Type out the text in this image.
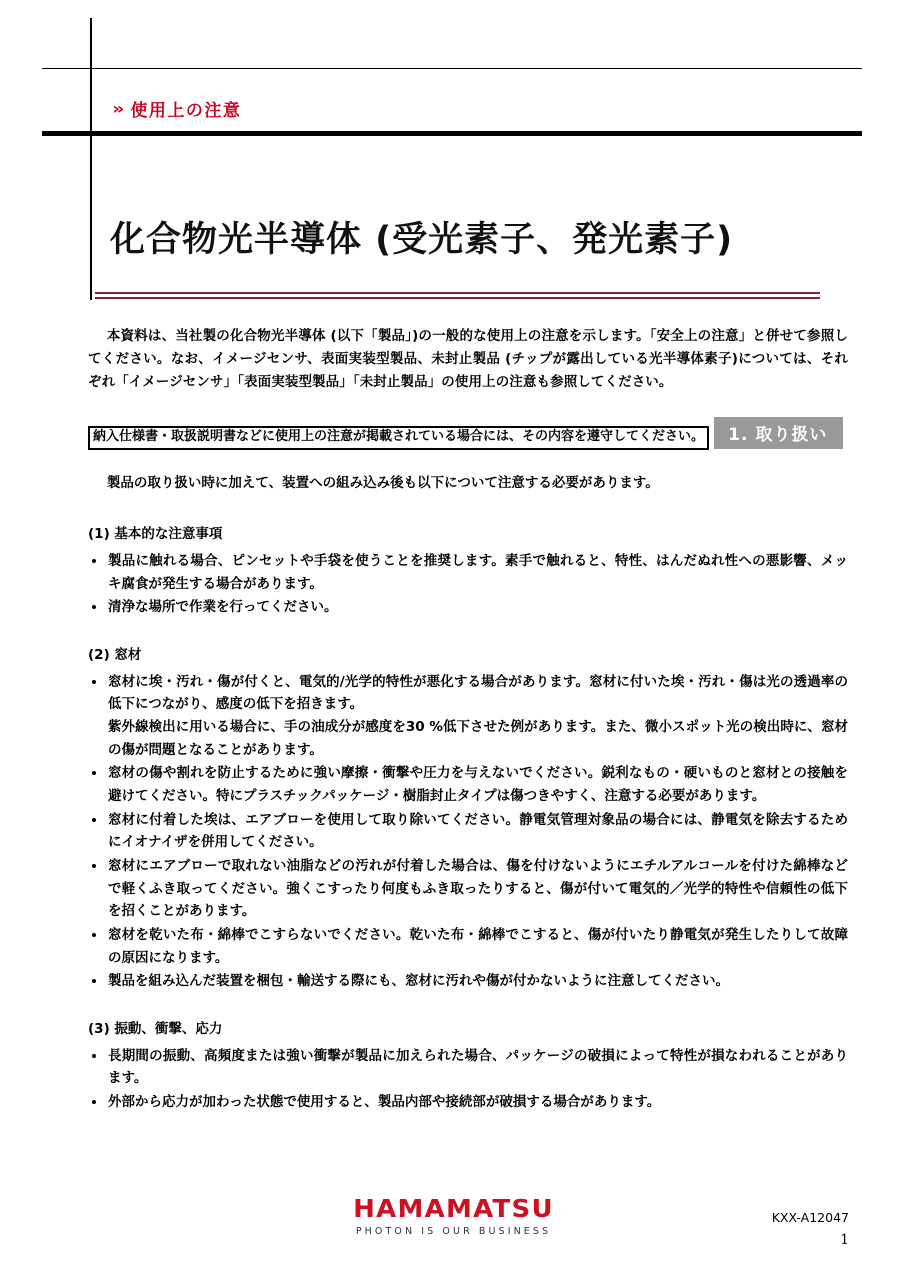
» 使用上の注意
化合物光半導体 (受光素子、発光素子)

本資料は、当社製の化合物光半導体 (以下「製品」)の一般的な使用上の注意を示します。「安全上の注意」と併せて参照してください。なお、イメージセンサ、表面実装型製品、未封止製品 (チップが露出している光半導体素子)については、それぞれ「イメージセンサ」「表面実装型製品」「未封止製品」の使用上の注意も参照してください。

納入仕様書・取扱説明書などに使用上の注意が掲載されている場合には、その内容を遵守してください。 1. 取り扱い

製品の取り扱い時に加えて、装置への組み込み後も以下について注意する必要があります。

(1) 基本的な注意事項
製品に触れる場合、ピンセットや手袋を使うことを推奨します。素手で触れると、特性、はんだぬれ性への悪影響、メッキ腐食が発生する場合があります。
清浄な場所で作業を行ってください。
(2) 窓材
窓材に埃・汚れ・傷が付くと、電気的/光学的特性が悪化する場合があります。窓材に付いた埃・汚れ・傷は光の透過率の低下につながり、感度の低下を招きます。
紫外線検出に用いる場合に、手の油成分が感度を30 %低下させた例があります。また、微小スポット光の検出時に、窓材の傷が問題となることがあります。
窓材の傷や割れを防止するために強い摩擦・衝撃や圧力を与えないでください。鋭利なもの・硬いものと窓材との接触を避けてください。特にプラスチックパッケージ・樹脂封止タイプは傷つきやすく、注意する必要があります。
窓材に付着した埃は、エアブローを使用して取り除いてください。静電気管理対象品の場合には、静電気を除去するためにイオナイザを併用してください。
窓材にエアブローで取れない油脂などの汚れが付着した場合は、傷を付けないようにエチルアルコールを付けた綿棒などで軽くふき取ってください。強くこすったり何度もふき取ったりすると、傷が付いて電気的／光学的特性や信頼性の低下を招くことがあります。
窓材を乾いた布・綿棒でこすらないでください。乾いた布・綿棒でこすると、傷が付いたり静電気が発生したりして故障の原因になります。
製品を組み込んだ装置を梱包・輸送する際にも、窓材に汚れや傷が付かないように注意してください。
(3) 振動、衝撃、応力
長期間の振動、高頻度または強い衝撃が製品に加えられた場合、パッケージの破損によって特性が損なわれることがあります。
外部から応力が加わった状態で使用すると、製品内部や接続部が破損する場合があります。
HAMAMATSU
PHOTON IS OUR BUSINESS
KXX-A12047
1
